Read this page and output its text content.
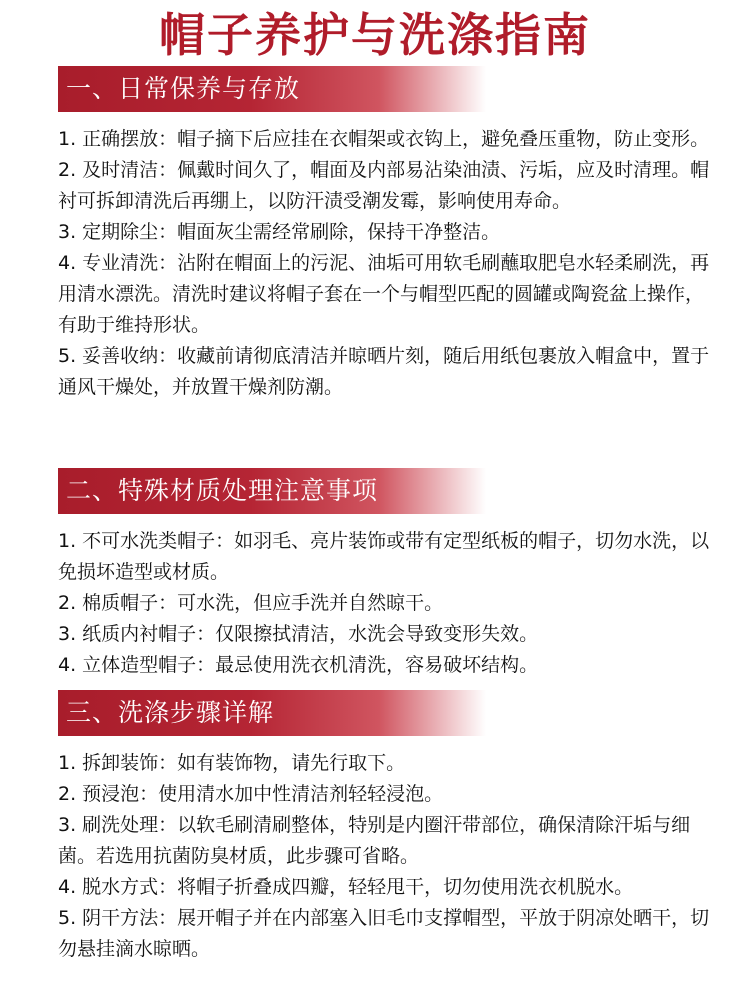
帽子养护与洗涤指南
一、日常保养与存放
1. 正确摆放：帽子摘下后应挂在衣帽架或衣钩上，避免叠压重物，防止变形。
2. 及时清洁：佩戴时间久了，帽面及内部易沾染油渍、污垢，应及时清理。帽衬可拆卸清洗后再绷上，以防汗渍受潮发霉，影响使用寿命。
3. 定期除尘：帽面灰尘需经常刷除，保持干净整洁。
4. 专业清洗：沾附在帽面上的污泥、油垢可用软毛刷蘸取肥皂水轻柔刷洗，再用清水漂洗。清洗时建议将帽子套在一个与帽型匹配的圆罐或陶瓷盆上操作，有助于维持形状。
5. 妥善收纳：收藏前请彻底清洁并晾晒片刻，随后用纸包裹放入帽盒中，置于通风干燥处，并放置干燥剂防潮。
二、特殊材质处理注意事项
1. 不可水洗类帽子：如羽毛、亮片装饰或带有定型纸板的帽子，切勿水洗，以免损坏造型或材质。
2. 棉质帽子：可水洗，但应手洗并自然晾干。
3. 纸质内衬帽子：仅限擦拭清洁，水洗会导致变形失效。
4. 立体造型帽子：最忌使用洗衣机清洗，容易破坏结构。
三、洗涤步骤详解
1. 拆卸装饰：如有装饰物，请先行取下。
2. 预浸泡：使用清水加中性清洁剂轻轻浸泡。
3. 刷洗处理：以软毛刷清刷整体，特别是内圈汗带部位，确保清除汗垢与细菌。若选用抗菌防臭材质，此步骤可省略。
4. 脱水方式：将帽子折叠成四瓣，轻轻甩干，切勿使用洗衣机脱水。
5. 阴干方法：展开帽子并在内部塞入旧毛巾支撑帽型，平放于阴凉处晒干，切勿悬挂滴水晾晒。
